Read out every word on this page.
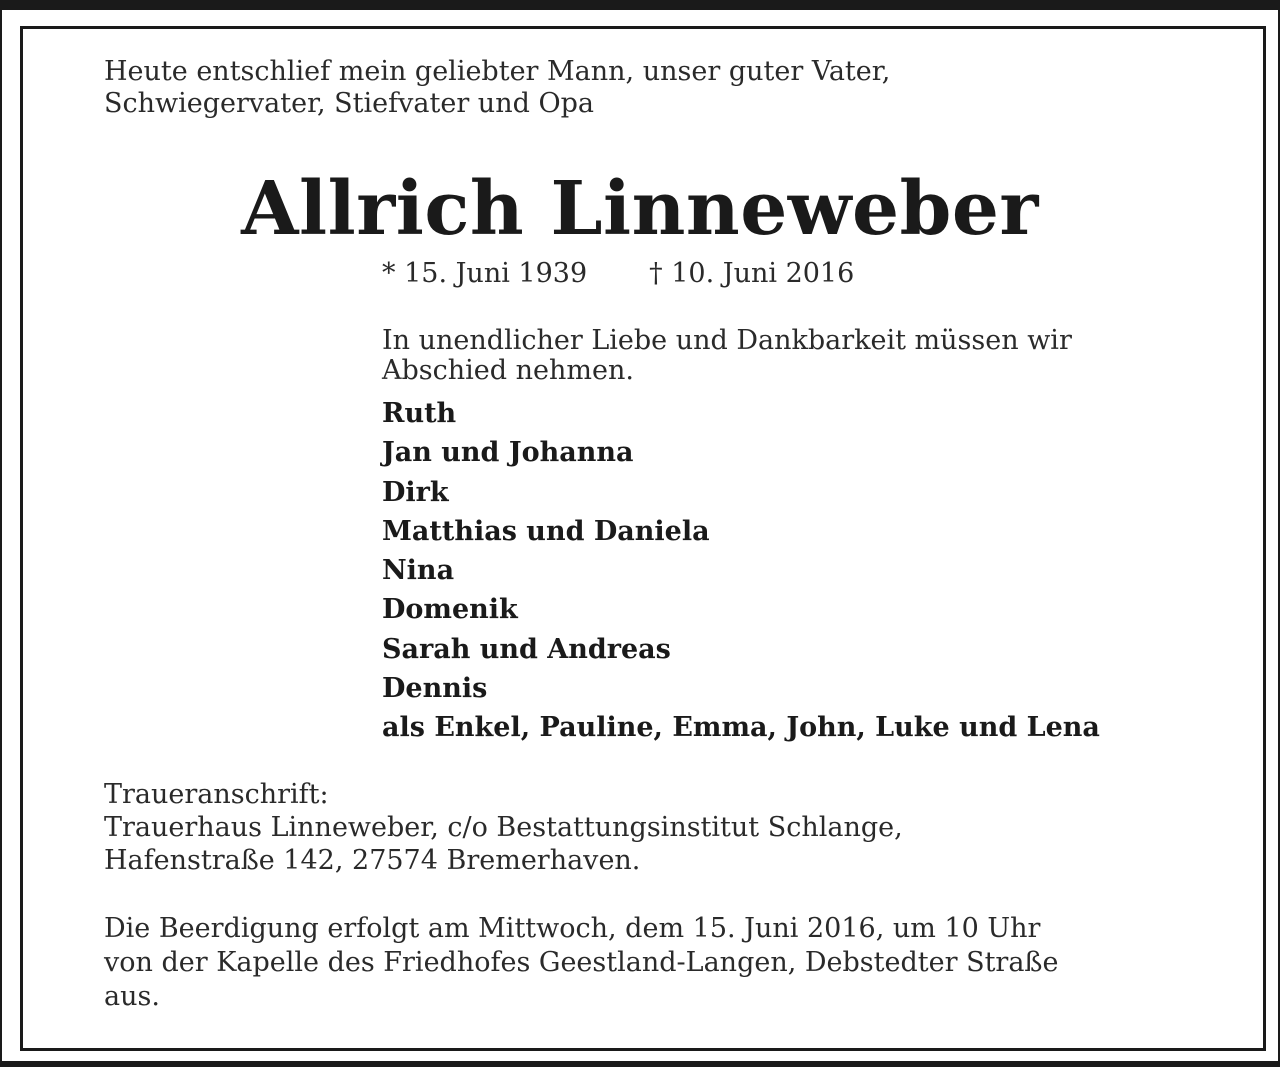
Heute entschlief mein geliebter Mann, unser guter Vater,
Schwiegervater, Stiefvater und Opa
Allrich Linneweber
* 15. Juni 1939 † 10. Juni 2016
In unendlicher Liebe und Dankbarkeit müssen wir
Abschied nehmen.
Ruth
Jan und Johanna
Dirk
Matthias und Daniela
Nina
Domenik
Sarah und Andreas
Dennis
als Enkel, Pauline, Emma, John, Luke und Lena
Traueranschrift:
Trauerhaus Linneweber, c/o Bestattungsinstitut Schlange,
Hafenstraße 142, 27574 Bremerhaven.
Die Beerdigung erfolgt am Mittwoch, dem 15. Juni 2016, um 10 Uhr
von der Kapelle des Friedhofes Geestland-Langen, Debstedter Straße
aus.
